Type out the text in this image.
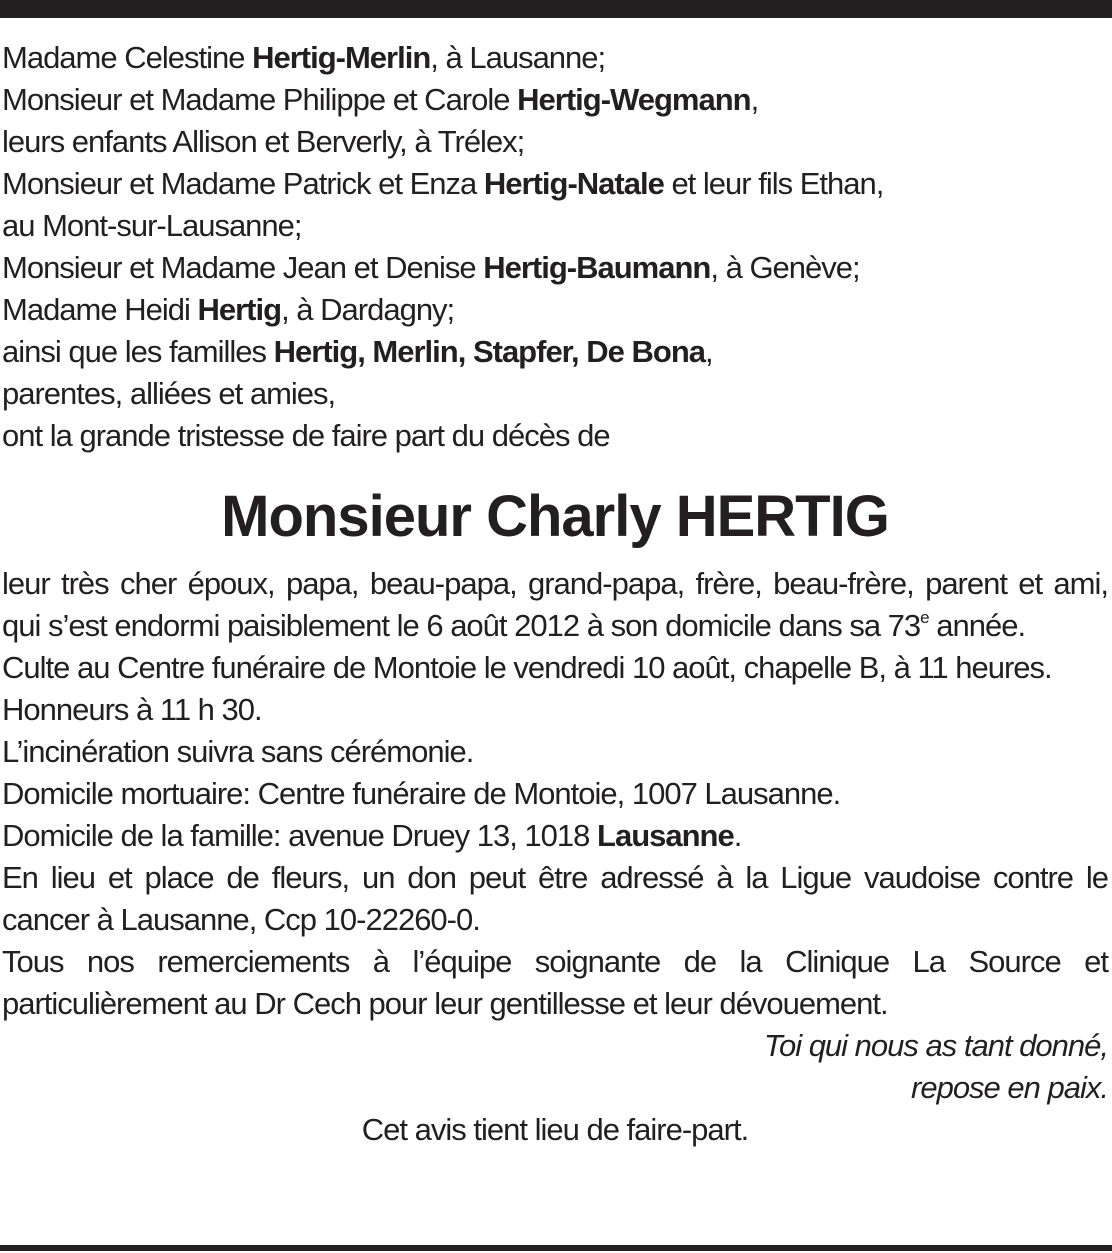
Madame Celestine Hertig-Merlin, à Lausanne;

Monsieur et Madame Philippe et Carole Hertig-Wegmann,

leurs enfants Allison et Berverly, à Trélex;

Monsieur et Madame Patrick et Enza Hertig-Natale et leur fils Ethan,

au Mont-sur-Lausanne;

Monsieur et Madame Jean et Denise Hertig-Baumann, à Genève;

Madame Heidi Hertig, à Dardagny;

ainsi que les familles Hertig, Merlin, Stapfer, De Bona,

parentes, alliées et amies,

ont la grande tristesse de faire part du décès de

Monsieur Charly HERTIG

leur très cher époux, papa, beau-papa, grand-papa, frère, beau-frère, parent et ami, qui s’est endormi paisiblement le 6 août 2012 à son domicile dans sa 73e année.

Culte au Centre funéraire de Montoie le vendredi 10 août, chapelle B, à 11 heures.

Honneurs à 11 h 30.

L’incinération suivra sans cérémonie.

Domicile mortuaire: Centre funéraire de Montoie, 1007 Lausanne.

Domicile de la famille: avenue Druey 13, 1018 Lausanne.

En lieu et place de fleurs, un don peut être adressé à la Ligue vaudoise contre le cancer à Lausanne, Ccp 10-22260-0.

Tous nos remerciements à l’équipe soignante de la Clinique La Source et particulièrement au Dr Cech pour leur gentillesse et leur dévouement.

Toi qui nous as tant donné,

repose en paix.

Cet avis tient lieu de faire-part.
